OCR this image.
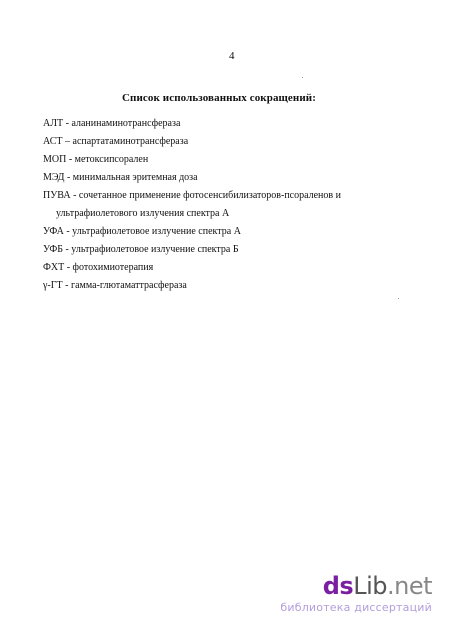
4
Список использованных сокращений:
АЛТ - аланинаминотрансфераза
АСТ – аспартатаминотрансфераза
МОП - метоксипсорален
МЭД - минимальная эритемная доза
ПУВА - сочетанное применение фотосенсибилизаторов-псораленов и
ультрафиолетового излучения спектра А
УФА - ультрафиолетовое излучение спектра А
УФБ - ультрафиолетовое излучение спектра Б
ФХТ - фотохимиотерапия
γ-ГТ - гамма-глютаматтрасфераза
dsLib.net
библиотека диссертаций
